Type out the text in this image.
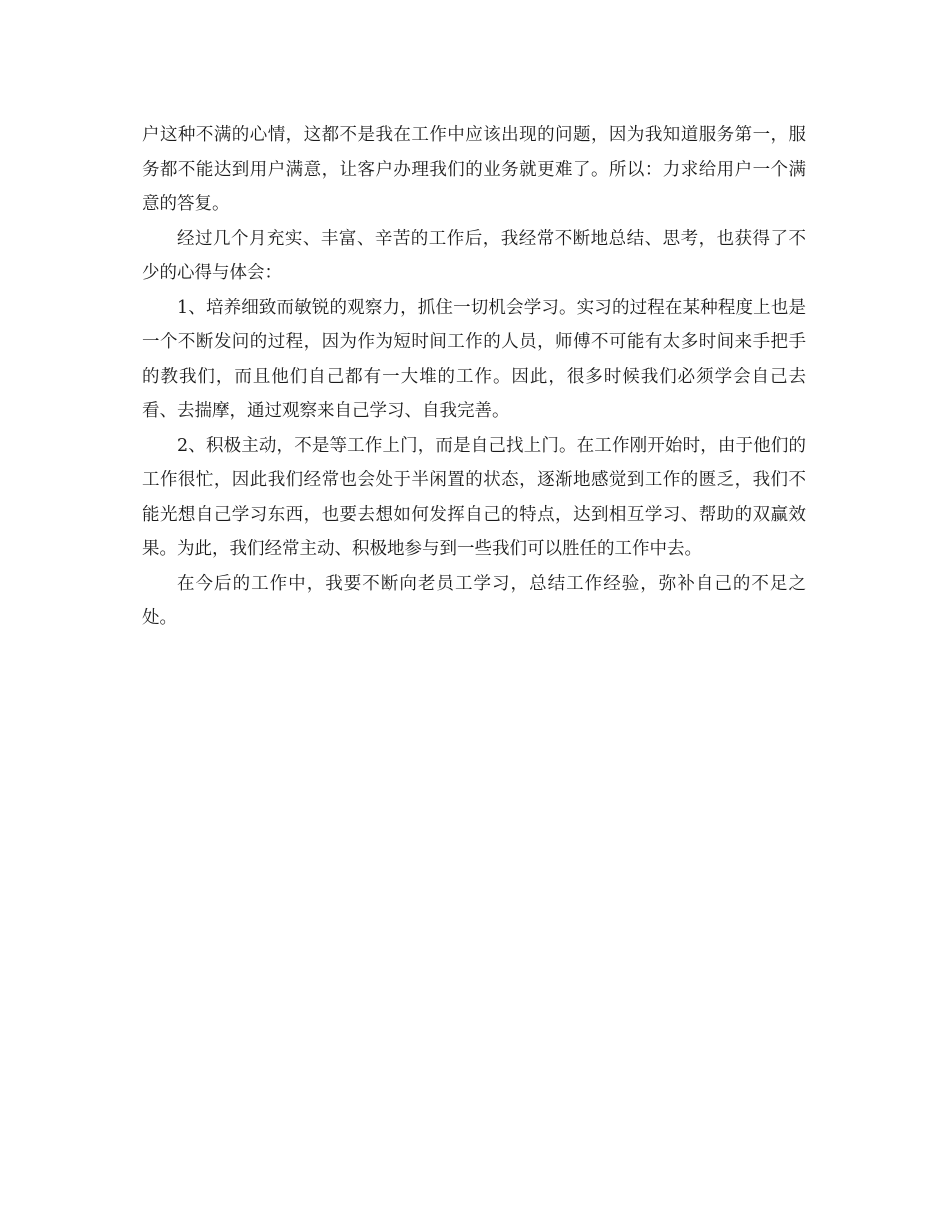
户这种不满的心情，这都不是我在工作中应该出现的问题，因为我知道服务第一，服务都不能达到用户满意，让客户办理我们的业务就更难了。所以：力求给用户一个满意的答复。

经过几个月充实、丰富、辛苦的工作后，我经常不断地总结、思考，也获得了不少的心得与体会：

1、培养细致而敏锐的观察力，抓住一切机会学习。实习的过程在某种程度上也是一个不断发问的过程，因为作为短时间工作的人员，师傅不可能有太多时间来手把手的教我们，而且他们自己都有一大堆的工作。因此，很多时候我们必须学会自己去看、去揣摩，通过观察来自己学习、自我完善。

2、积极主动，不是等工作上门，而是自己找上门。在工作刚开始时，由于他们的工作很忙，因此我们经常也会处于半闲置的状态，逐渐地感觉到工作的匮乏，我们不能光想自己学习东西，也要去想如何发挥自己的特点，达到相互学习、帮助的双赢效果。为此，我们经常主动、积极地参与到一些我们可以胜任的工作中去。

在今后的工作中，我要不断向老员工学习，总结工作经验，弥补自己的不足之处。
